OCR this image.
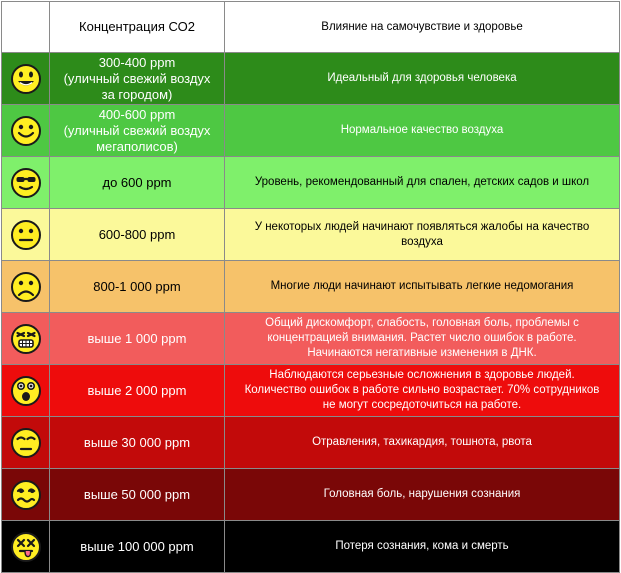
	Концентрация СО2	Влияние на самочувствие и здоровье

300-400 ppm
(уличный свежий воздух
за городом)	Идеальный для здоровья человека

400-600 ppm
(уличный свежий воздух
мегаполисов)	Нормальное качество воздуха

до 600 ppm	Уровень, рекомендованный для спален, детских садов и школ

600-800 ppm	У некоторых людей начинают появляться жалобы на качество
воздуха

800-1 000 ppm	Многие люди начинают испытывать легкие недомогания

выше 1 000 ppm	Общий дискомфорт, слабость, головная боль, проблемы с
концентрацией внимания. Растет число ошибок в работе.
Начинаются негативные изменения в ДНК.

выше 2 000 ppm	Наблюдаются серьезные осложнения в здоровье людей.
Количество ошибок в работе сильно возрастает. 70% сотрудников
не могут сосредоточиться на работе.

выше 30 000 ppm	Отравления, тахикардия, тошнота, рвота

выше 50 000 ppm	Головная боль, нарушения сознания

выше 100 000 ppm	Потеря сознания, кома и смерть
